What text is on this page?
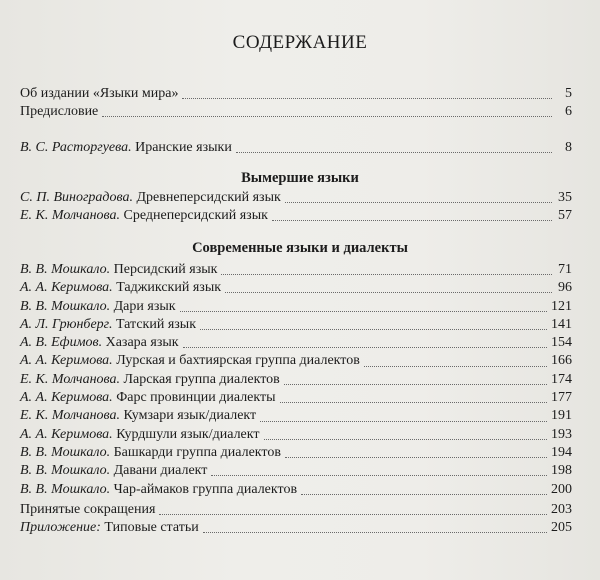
СОДЕРЖАНИЕ
Об издании «Языки мира»	5
Предисловие	6
В. С. Расторгуева. Иранские языки	8
Вымершие языки
С. П. Виноградова. Древнеперсидский язык	35
Е. К. Молчанова. Среднеперсидский язык	57
Современные языки и диалекты
В. В. Мошкало. Персидский язык	71
А. А. Керимова. Таджикский язык	96
В. В. Мошкало. Дари язык	121
А. Л. Грюнберг. Татский язык	141
А. В. Ефимов. Хазара язык	154
А. А. Керимова. Лурская и бахтиярская группа диалектов	166
Е. К. Молчанова. Ларская группа диалектов	174
А. А. Керимова. Фарс провинции диалекты	177
Е. К. Молчанова. Кумзари язык/диалект	191
А. А. Керимова. Курдшули язык/диалект	193
В. В. Мошкало. Башкарди группа диалектов	194
В. В. Мошкало. Давани диалект	198
В. В. Мошкало. Чар-аймаков группа диалектов	200
Принятые сокращения	203
Приложение: Типовые статьи	205
